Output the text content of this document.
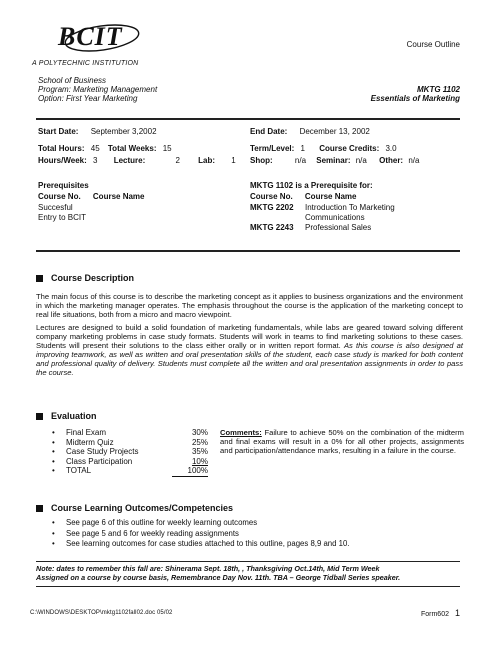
BCIT
A POLYTECHNIC INSTITUTION
Course Outline
School of Business
Program: Marketing Management
Option: First Year Marketing
MKTG 1102
Essentials of Marketing
Start Date: September 3,2002	End Date: December 13, 2002
Total Hours: 45 Total Weeks: 15	Term/Level: 1 Course Credits: 3.0
Hours/Week: 3 Lecture:	2 Lab: 1 Shop:	n/a Seminar: n/a Other: n/a
Prerequisites
Course No. Course Name
Succesful
Entry to BCIT
MKTG 1102 is a Prerequisite for:
Course No. Course Name
MKTG 2202	Introduction To Marketing
Communications
MKTG 2243	Professional Sales
Course Description
The main focus of this course is to describe the marketing concept as it applies to business organizations and the environment in which the marketing manager operates. The emphasis throughout the course is the application of the marketing concept to real life situations, both from a micro and macro viewpoint.
Lectures are designed to build a solid foundation of marketing fundamentals, while labs are geared toward solving different company marketing problems in case study formats. Students will work in teams to find marketing solutions to these cases. Students will present their solutions to the class either orally or in written report format. As this course is also designed at improving teamwork, as well as written and oral presentation skills of the student, each case study is marked for both content and professional quality of delivery. Students must complete all the written and oral presentation assignments in order to pass the course.
Evaluation
•	Final Exam	30%
•	Midterm Quiz	25%
•	Case Study Projects	35%
•	Class Participation	10%
•	TOTAL	100%
Comments: Failure to achieve 50% on the combination of the midterm and final exams will result in a 0% for all other projects, assignments and participation/attendance marks, resulting in a failure in the course.
Course Learning Outcomes/Competencies
• See page 6 of this outline for weekly learning outcomes
• See page 5 and 6 for weekly reading assignments
• See learning outcomes for case studies attached to this outline, pages 8,9 and 10.
Note: dates to remember this fall are: Shinerama Sept. 18th, , Thanksgiving Oct.14th, Mid Term Week
Assigned on a course by course basis, Remembrance Day Nov. 11th. TBA – George Tidball Series speaker.
C:\WINDOWS\DESKTOP\mktg1102fall02.doc 05/02	Form602 1
